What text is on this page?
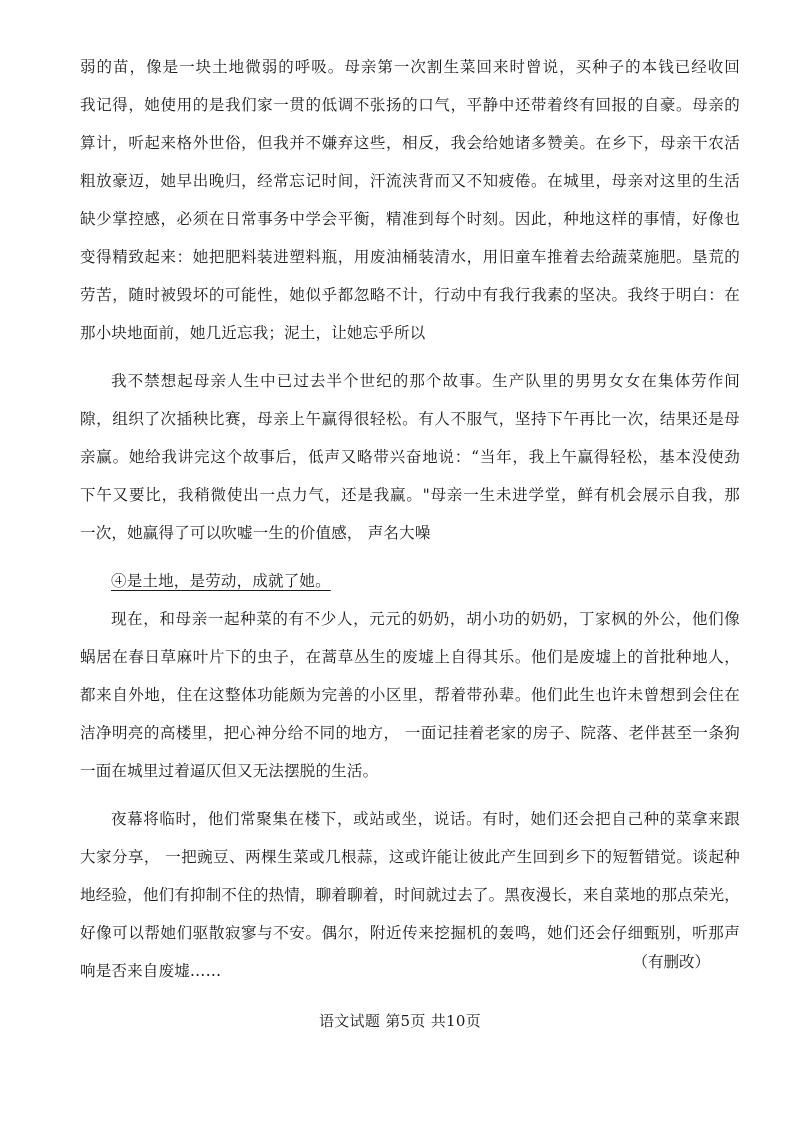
弱的苗，像是一块土地微弱的呼吸。母亲第一次割生菜回来时曾说，买种子的本钱已经收回
我记得，她使用的是我们家一贯的低调不张扬的口气，平静中还带着终有回报的自豪。母亲的
算计，听起来格外世俗，但我并不嫌弃这些，相反，我会给她诸多赞美。在乡下，母亲干农活
粗放豪迈，她早出晚归，经常忘记时间，汗流浃背而又不知疲倦。在城里，母亲对这里的生活
缺少掌控感，必须在日常事务中学会平衡，精准到每个时刻。因此，种地这样的事情，好像也
变得精致起来：她把肥料装进塑料瓶，用废油桶装清水，用旧童车推着去给蔬菜施肥。垦荒的
劳苦，随时被毁坏的可能性，她似乎都忽略不计，行动中有我行我素的坚决。我终于明白：在
那小块地面前，她几近忘我；泥土，让她忘乎所以
我不禁想起母亲人生中已过去半个世纪的那个故事。生产队里的男男女女在集体劳作间
隙，组织了次插秧比赛，母亲上午赢得很轻松。有人不服气，坚持下午再比一次，结果还是母
亲赢。她给我讲完这个故事后，低声又略带兴奋地说：“当年，我上午赢得轻松，基本没使劲
下午又要比，我稍微使出一点力气，还是我赢。"母亲一生未进学堂，鲜有机会展示自我，那
一次，她赢得了可以吹嘘一生的价值感， 声名大噪
④是土地，是劳动，成就了她。
现在，和母亲一起种菜的有不少人，元元的奶奶，胡小功的奶奶，丁家枫的外公，他们像
蜗居在春日草麻叶片下的虫子，在蒿草丛生的废墟上自得其乐。他们是废墟上的首批种地人，
都来自外地，住在这整体功能颇为完善的小区里，帮着带孙辈。他们此生也许未曾想到会住在
洁净明亮的高楼里，把心神分给不同的地方， 一面记挂着老家的房子、院落、老伴甚至一条狗
一面在城里过着逼仄但又无法摆脱的生活。
夜幕将临时，他们常聚集在楼下，或站或坐，说话。有时，她们还会把自己种的菜拿来跟
大家分享， 一把豌豆、两棵生菜或几根蒜，这或许能让彼此产生回到乡下的短暂错觉。谈起种
地经验，他们有抑制不住的热情，聊着聊着，时间就过去了。黑夜漫长，来自菜地的那点荣光，
好像可以帮她们驱散寂寥与不安。偶尔，附近传来挖掘机的轰鸣，她们还会仔细甄别，听那声
响是否来自废墟……	（有删改）
语文试题 第5页 共10页
